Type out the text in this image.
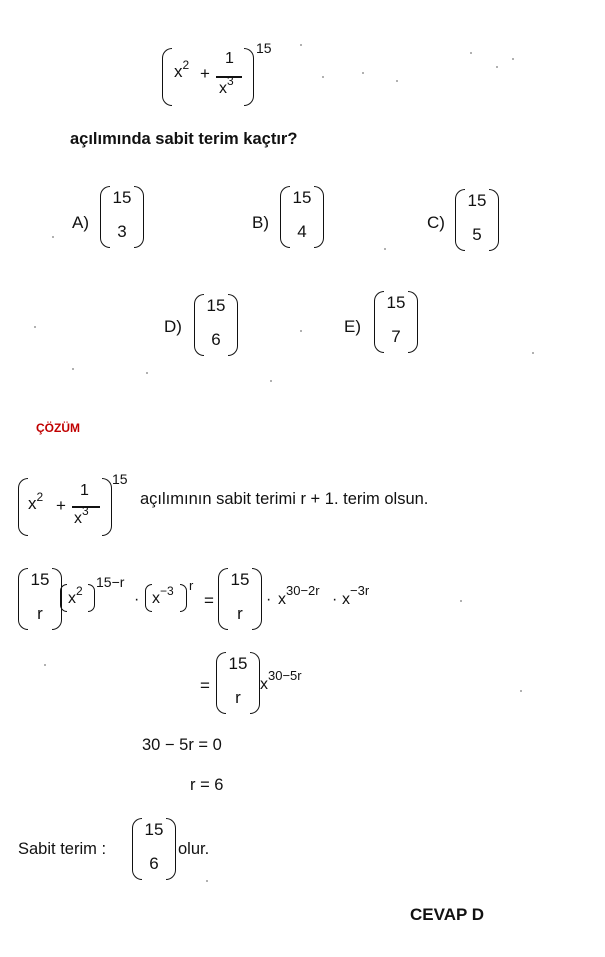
$x^2$ +
1
$x^3$
15
açılımında sabit terim kaçtır?
A)
15
3	B)
15
4	C)
15
5
D)
15
6
E)
15
7
ÇÖZÜM
$x^2$ +
1
$x^3$
15
açılımının sabit terimi r + 1. terim olsun.
15
r
$x^2$
15−r
· $x^{-3}$ r
=
15
r
· $x^{30-2r}$
· $x^{-3r}$
=
15
r
$x^{30-5r}$
30 − 5r = 0
r = 6
Sabit terim :
15
6
olur.
CEVAP D
